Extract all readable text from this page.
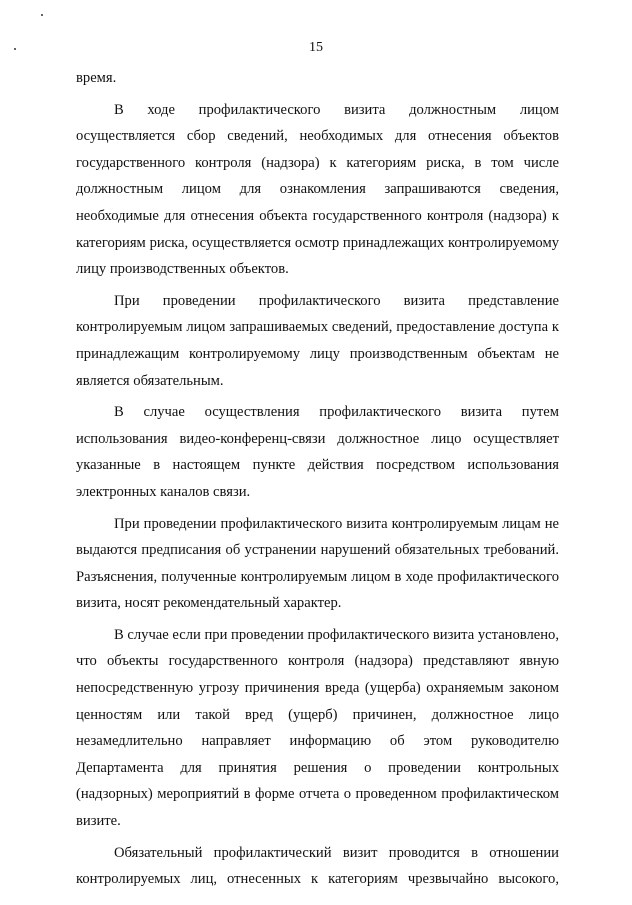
15

время.

В ходе профилактического визита должностным лицом осуществляется сбор сведений, необходимых для отнесения объектов государственного контроля (надзора) к категориям риска, в том числе должностным лицом для ознакомления запрашиваются сведения, необходимые для отнесения объекта государственного контроля (надзора) к категориям риска, осуществляется осмотр принадлежащих контролируемому лицу производственных объектов.

При проведении профилактического визита представление контролируемым лицом запрашиваемых сведений, предоставление доступа к принадлежащим контролируемому лицу производственным объектам не является обязательным.

В случае осуществления профилактического визита путем использования видео-конференц-связи должностное лицо осуществляет указанные в настоящем пункте действия посредством использования электронных каналов связи.

При проведении профилактического визита контролируемым лицам не выдаются предписания об устранении нарушений обязательных требований. Разъяснения, полученные контролируемым лицом в ходе профилактического визита, носят рекомендательный характер.

В случае если при проведении профилактического визита установлено, что объекты государственного контроля (надзора) представляют явную непосредственную угрозу причинения вреда (ущерба) охраняемым законом ценностям или такой вред (ущерб) причинен, должностное лицо незамедлительно направляет информацию об этом руководителю Департамента для принятия решения о проведении контрольных (надзорных) мероприятий в форме отчета о проведенном профилактическом визите.

Обязательный профилактический визит проводится в отношении контролируемых лиц, отнесенных к категориям чрезвычайно высокого,
